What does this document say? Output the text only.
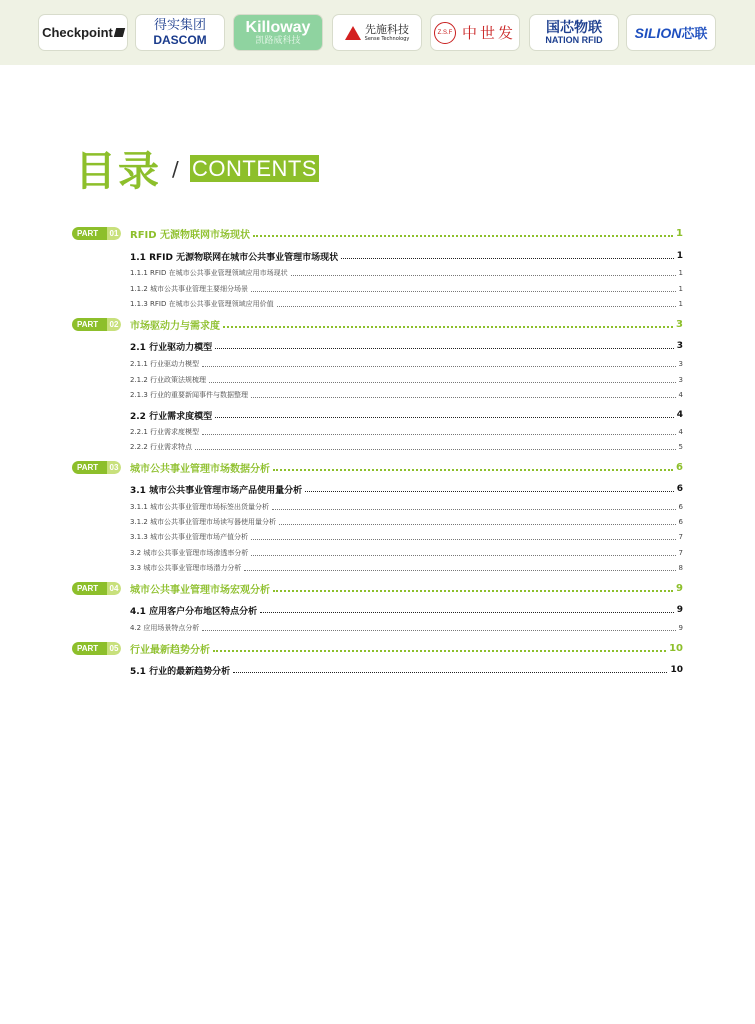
Checkpoint	得实集团
DASCOM
Killoway
凯路威科技
先施科技
Sense Technology
Z.S.F 中世发 国芯物联
NATION RFID SILION 芯联
目录 / CONTENTS
RFID 无源物联网市场现状	1
PART	01
1.1 RFID 无源物联网在城市公共事业管理市场现状	1
1.1.1 RFID 在城市公共事业管理领域应用市场现状	1
1.1.2 城市公共事业管理主要细分场景	1
1.1.3 RFID 在城市公共事业管理领域应用价值	1
市场驱动力与需求度	3
PART	02
2.1 行业驱动力模型	3
2.1.1 行业驱动力模型	3
2.1.2 行业政策法规梳理	3
2.1.3 行业的重要新闻事件与数据整理	4
2.2 行业需求度模型	4
2.2.1 行业需求度模型	4
2.2.2 行业需求特点	5
城市公共事业管理市场数据分析	6
PART	03
3.1 城市公共事业管理市场产品使用量分析	6
3.1.1 城市公共事业管理市场标签出货量分析	6
3.1.2 城市公共事业管理市场读写器使用量分析	6
3.1.3 城市公共事业管理市场产值分析	7
3.2 城市公共事业管理市场渗透率分析	7
3.3 城市公共事业管理市场潜力分析	8
城市公共事业管理市场宏观分析	9
PART	04
4.1 应用客户分布地区特点分析	9
4.2 应用场景特点分析	9
行业最新趋势分析	10
PART	05
5.1 行业的最新趋势分析	10
